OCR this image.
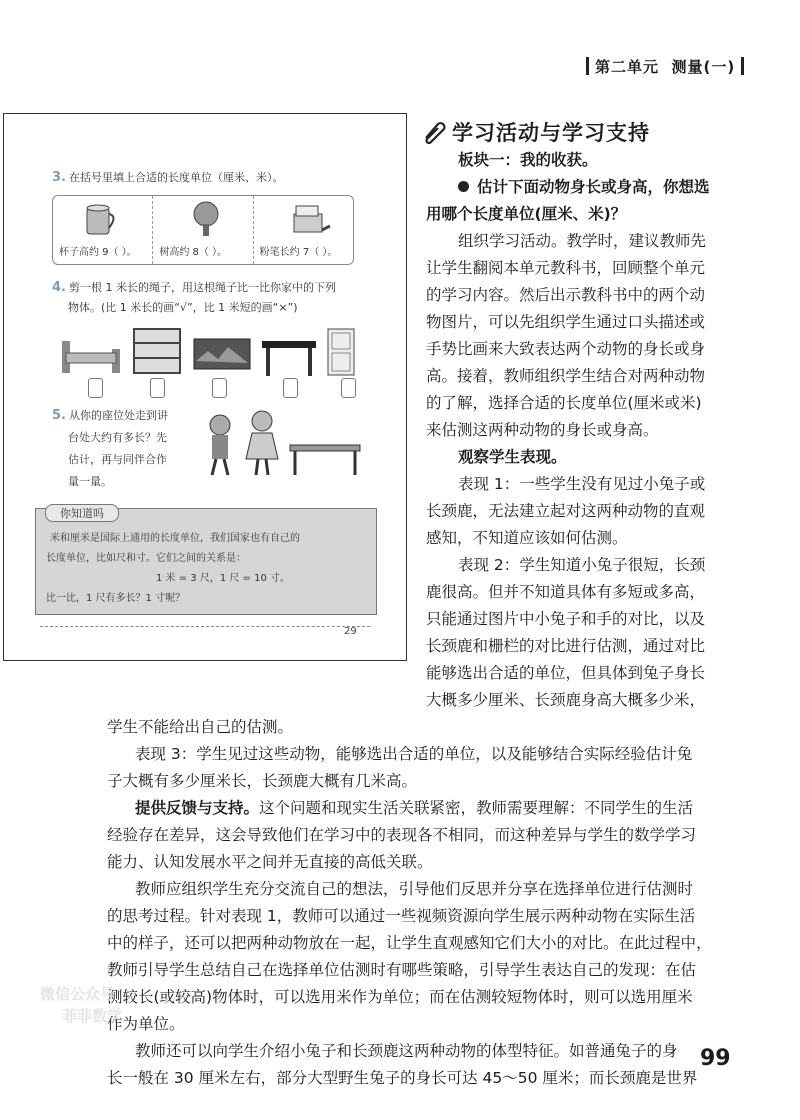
第二单元 测量(一)
3. 在括号里填上合适的长度单位（厘米、米）。
4. 剪一根 1 米长的绳子，用这根绳子比一比你家中的下列
物体。(比 1 米长的画“√”，比 1 米短的画“×”)
5. 从你的座位处走到讲
台处大约有多长？先
估计，再与同伴合作
量一量。
杯子高约 9（ ）。 树高约 8（ ）。	粉笔长约 7（ ）。
米和厘米是国际上通用的长度单位，我们国家也有自己的
长度单位，比如尺和寸。它们之间的关系是：
1 米 = 3 尺，1 尺 = 10 寸。
比一比，1 尺有多长？1 寸呢？
你知道吗
29
学习活动与学习支持
板块一：我的收获。
估计下面动物身长或身高，你想选
用哪个长度单位(厘米、米)？
组织学习活动。教学时，建议教师先
让学生翻阅本单元教科书，回顾整个单元
的学习内容。然后出示教科书中的两个动
物图片，可以先组织学生通过口头描述或
手势比画来大致表达两个动物的身长或身
高。接着，教师组织学生结合对两种动物
的了解，选择合适的长度单位(厘米或米)
来估测这两种动物的身长或身高。
观察学生表现。
表现 1：一些学生没有见过小兔子或
长颈鹿，无法建立起对这两种动物的直观
感知，不知道应该如何估测。
表现 2：学生知道小兔子很短，长颈
鹿很高。但并不知道具体有多短或多高，
只能通过图片中小兔子和手的对比，以及
长颈鹿和栅栏的对比进行估测，通过对比
能够选出合适的单位，但具体到兔子身长
大概多少厘米、长颈鹿身高大概多少米，
学生不能给出自己的估测。
表现 3：学生见过这些动物，能够选出合适的单位，以及能够结合实际经验估计兔
子大概有多少厘米长，长颈鹿大概有几米高。
提供反馈与支持。这个问题和现实生活关联紧密，教师需要理解：不同学生的生活
经验存在差异，这会导致他们在学习中的表现各不相同，而这种差异与学生的数学学习
能力、认知发展水平之间并无直接的高低关联。
教师应组织学生充分交流自己的想法，引导他们反思并分享在选择单位进行估测时
的思考过程。针对表现 1，教师可以通过一些视频资源向学生展示两种动物在实际生活
中的样子，还可以把两种动物放在一起，让学生直观感知它们大小的对比。在此过程中，
教师引导学生总结自己在选择单位估测时有哪些策略，引导学生表达自己的发现：在估
测较长(或较高)物体时，可以选用米作为单位；而在估测较短物体时，则可以选用厘米
作为单位。
教师还可以向学生介绍小兔子和长颈鹿这两种动物的体型特征。如普通兔子的身
长一般在 30 厘米左右，部分大型野生兔子的身长可达 45～50 厘米；而长颈鹿是世界
微信公众号
菲菲数学
99
